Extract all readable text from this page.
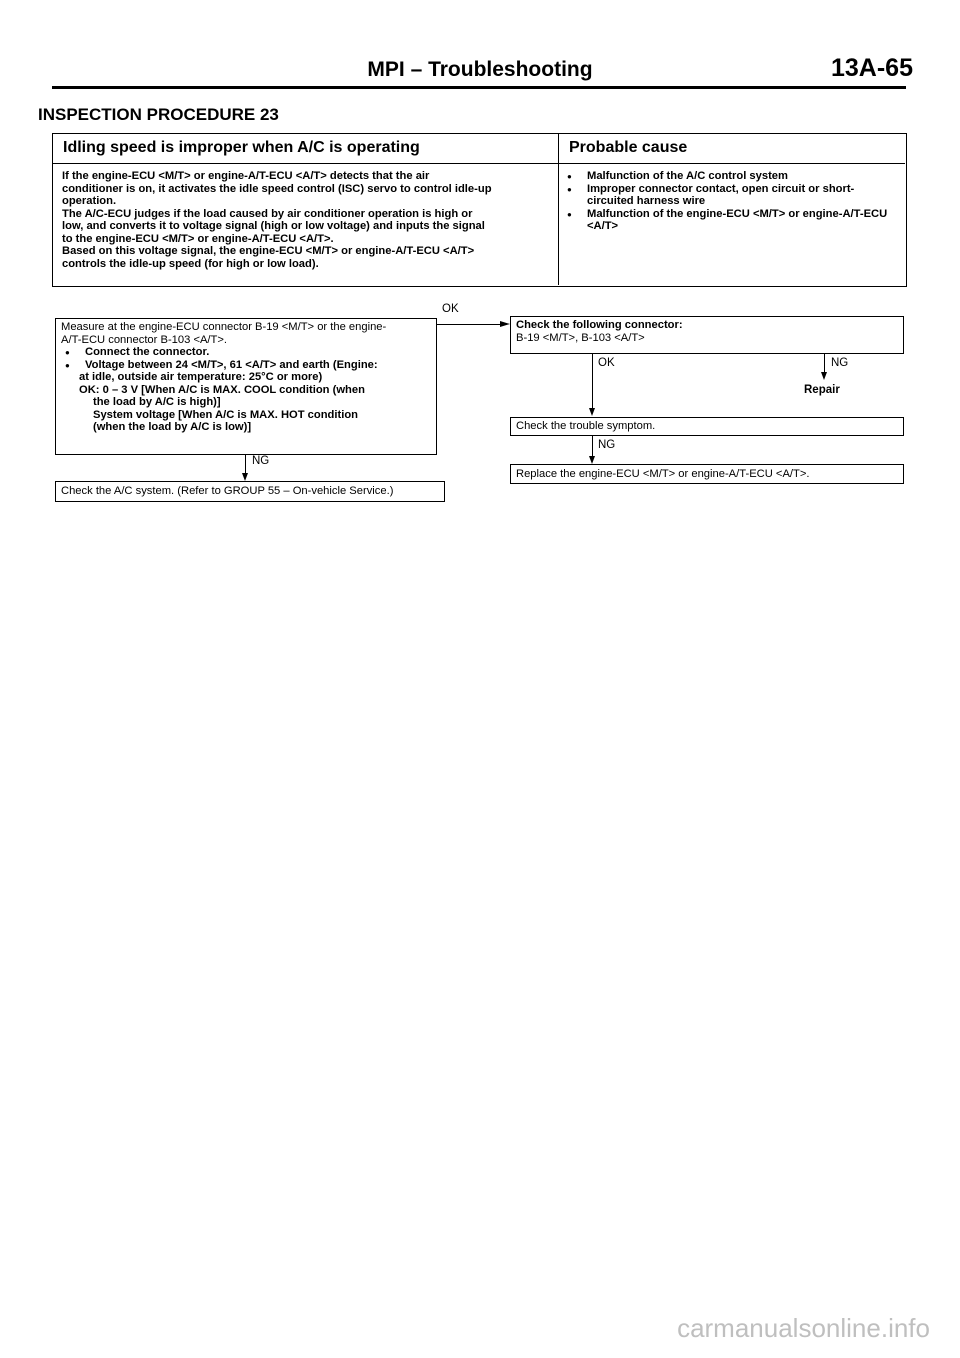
MPI – Troubleshooting	13A-65
INSPECTION PROCEDURE 23
Idling speed is improper when A/C is operating	Probable cause
If the engine-ECU <M/T> or engine-A/T-ECU <A/T> detects that the air
conditioner is on, it activates the idle speed control (ISC) servo to control idle-up
operation.
The A/C-ECU judges if the load caused by air conditioner operation is high or
low, and converts it to voltage signal (high or low voltage) and inputs the signal
to the engine-ECU <M/T> or engine-A/T-ECU <A/T>.
Based on this voltage signal, the engine-ECU <M/T> or engine-A/T-ECU <A/T>
controls the idle-up speed (for high or low load).
● Malfunction of the A/C control system
● Improper connector contact, open circuit or short-circuited harness wire
● Malfunction of the engine-ECU <M/T> or engine-A/T-ECU <A/T>
Measure at the engine-ECU connector B-19 <M/T> or the engine-
A/T-ECU connector B-103 <A/T>.
● Connect the connector.
● Voltage between 24 <M/T>, 61 <A/T> and earth (Engine:
at idle, outside air temperature: 25°C or more)
OK: 0 – 3 V [When A/C is MAX. COOL condition (when
the load by A/C is high)]
System voltage [When A/C is MAX. HOT condition
(when the load by A/C is low)]
OK
NG
Check the A/C system. (Refer to GROUP 55 – On-vehicle Service.)
Check the following connector:
B-19 <M/T>, B-103 <A/T>
OK	NG
Repair
Check the trouble symptom.
NG
Replace the engine-ECU <M/T> or engine-A/T-ECU <A/T>.
carmanualsonline.info
